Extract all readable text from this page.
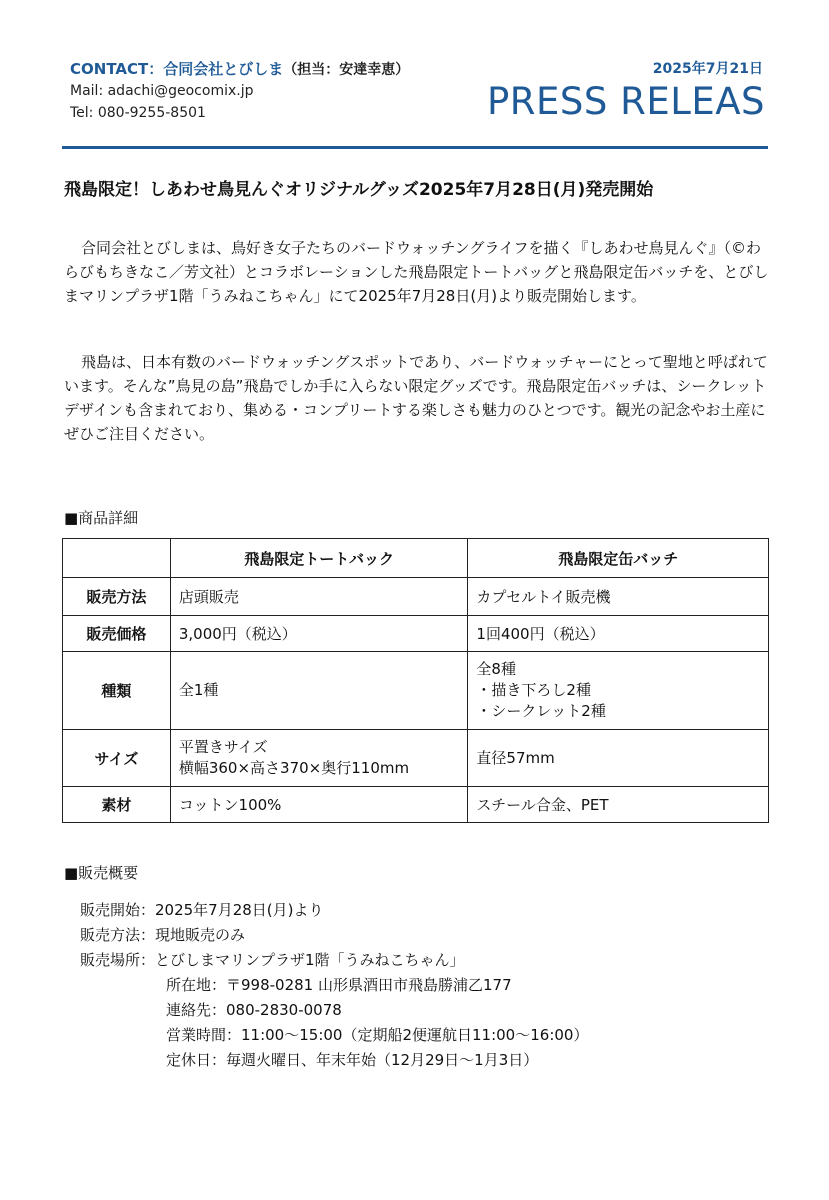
CONTACT：合同会社とびしま（担当：安達幸恵）
Mail: adachi@geocomix.jp
Tel: 080-9255-8501
2025年7月21日
PRESS RELEAS
飛島限定！しあわせ鳥見んぐオリジナルグッズ2025年7月28日(月)発売開始

合同会社とびしまは、鳥好き女子たちのバードウォッチングライフを描く『しあわせ鳥見んぐ』（©わらびもちきなこ／芳文社）とコラボレーションした飛島限定トートバッグと飛島限定缶バッチを、とびしまマリンプラザ1階「うみねこちゃん」にて2025年7月28日(月)より販売開始します。

飛島は、日本有数のバードウォッチングスポットであり、バードウォッチャーにとって聖地と呼ばれています。そんな”鳥見の島”飛島でしか手に入らない限定グッズです。飛島限定缶バッチは、シークレットデザインも含まれており、集める・コンプリートする楽しさも魅力のひとつです。観光の記念やお土産にぜひご注目ください。

■商品詳細
	飛島限定トートバック	飛島限定缶バッチ
販売方法	店頭販売	カプセルトイ販売機
販売価格	3,000円（税込）	1回400円（税込）
種類	全1種	全8種
・描き下ろし2種
・シークレット2種

サイズ	平置きサイズ
横幅360×高さ370×奥行110mm	直径57mm

素材	コットン100%	スチール合金、PET
■販売概要
販売開始：2025年7月28日(月)より
販売方法：現地販売のみ
販売場所：とびしまマリンプラザ1階「うみねこちゃん」
所在地：〒998-0281 山形県酒田市飛島勝浦乙177
連絡先：080-2830-0078
営業時間：11:00～15:00（定期船2便運航日11:00～16:00）
定休日：毎週火曜日、年末年始（12月29日～1月3日）
